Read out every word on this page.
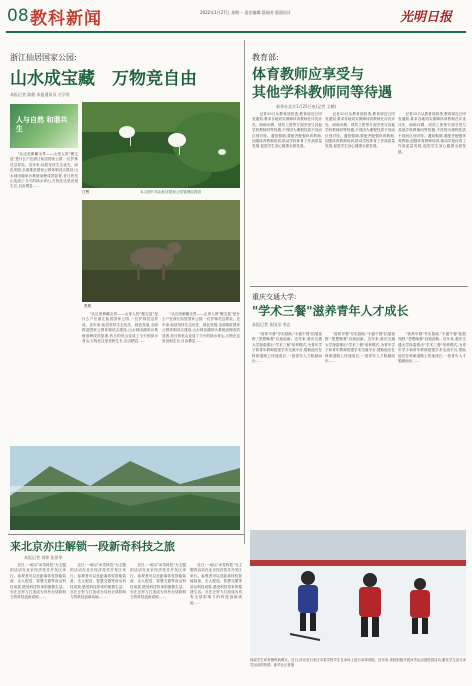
08 教科新闻	2022年1月27日 星期一 责任编辑:薛丽芳 版面设计	光明日报
浙江仙居国家公园:
山水成宝藏　万物竞自由
本报记者 陆健 本报通讯员 应学贵
人与自然 和谐共生
白鹭
黑麂
本文图片均由仙居国家公园管理局提供
　　"从这里俯瞰全景——山里人的"聚宝盆"是什么?"在浙江仙居国家公园,一位护林员这样说。近年来,仙居坚持生态优先、绿色发展,全面推进国家公园体制试点建设,山水林田湖草沙系统治理成效显著,昔日的荒山变成了今天的绿水青山,万物在这里竞相生长,自由栖息……
　　"从这里俯瞰全景——山里人的"聚宝盆"是什么?"在浙江仙居国家公园,一位护林员这样说。近年来,仙居坚持生态优先、绿色发展,全面推进国家公园体制试点建设,山水林田湖草沙系统治理成效显著,昔日的荒山变成了今天的绿水青山,万物在这里竞相生长,自由栖息……
　　"从这里俯瞰全景——山里人的"聚宝盆"是什么?"在浙江仙居国家公园,一位护林员这样说。近年来,仙居坚持生态优先、绿色发展,全面推进国家公园体制试点建设,山水林田湖草沙系统治理成效显著,昔日的荒山变成了今天的绿水青山,万物在这里竞相生长,自由栖息……
教育部:
体育教师应享受与
其他学科教师同等待遇
新华社北京1月25日电(记者 王鹏)
　　记者25日从教育部获悉,教育部近日印发通知,要求各地切实保障体育教师在评优评先、职称评聘、绩效工资等方面享受与其他学科教师同等待遇,不得因为课程性质不同而区别对待。通知强调,要配齐配强体育教师,加强体育教师培训,推动学校体育工作高质量发展,促进学生身心健康全面发展。
　　记者25日从教育部获悉,教育部近日印发通知,要求各地切实保障体育教师在评优评先、职称评聘、绩效工资等方面享受与其他学科教师同等待遇,不得因为课程性质不同而区别对待。通知强调,要配齐配强体育教师,加强体育教师培训,推动学校体育工作高质量发展,促进学生身心健康全面发展。
　　记者25日从教育部获悉,教育部近日印发通知,要求各地切实保障体育教师在评优评先、职称评聘、绩效工资等方面享受与其他学科教师同等待遇,不得因为课程性质不同而区别对待。通知强调,要配齐配强体育教师,加强体育教师培训,推动学校体育工作高质量发展,促进学生身心健康全面发展。
重庆交通大学:
"学术三餐"滋养青年人才成长
本报记者 张国圣 李志
　　"营养早餐"夯实基础,"丰盛午餐"拓展视野,"思想晚餐"启迪创新。近年来,重庆交通大学探索推出"学术三餐"培养模式,为青年学子和青年教师搭建学术交流平台,帮助他们在科研道路上快速成长,一批青年人才脱颖而出……
　　"营养早餐"夯实基础,"丰盛午餐"拓展视野,"思想晚餐"启迪创新。近年来,重庆交通大学探索推出"学术三餐"培养模式,为青年学子和青年教师搭建学术交流平台,帮助他们在科研道路上快速成长,一批青年人才脱颖而出……
　　"营养早餐"夯实基础,"丰盛午餐"拓展视野,"思想晚餐"启迪创新。近年来,重庆交通大学探索推出"学术三餐"培养模式,为青年学子和青年教师搭建学术交流平台,帮助他们在科研道路上快速成长,一批青年人才脱颖而出……
来北京亦庄解锁一段新奇科技之旅
本报记者 刘坤 张景华
　　近日,一场以"冰雪科技"为主题的活动在北京经济技术开发区举行。参观者可以近距离体验智能装备、无人配送、智慧交通等前沿科技成果,感受科技带来的便捷生活。亦庄正努力打造成为具有全球影响力的科技创新高地……
　　近日,一场以"冰雪科技"为主题的活动在北京经济技术开发区举行。参观者可以近距离体验智能装备、无人配送、智慧交通等前沿科技成果,感受科技带来的便捷生活。亦庄正努力打造成为具有全球影响力的科技创新高地……
　　近日,一场以"冰雪科技"为主题的活动在北京经济技术开发区举行。参观者可以近距离体验智能装备、无人配送、智慧交通等前沿科技成果,感受科技带来的便捷生活。亦庄正努力打造成为具有全球影响力的科技创新高地……
　　近日,一场以"冰雪科技"为主题的活动在北京经济技术开发区举行。参观者可以近距离体验智能装备、无人配送、智慧交通等前沿科技成果,感受科技带来的便捷生活。亦庄正努力打造成为具有全球影响力的科技创新高地……
探索学生体育锻炼新模式。近日,河北省石家庄市某学校学生在冰场上进行冰球训练。近年来,该校积极开展冰雪运动进校园活动,激发学生参与冰雪运动的热情。新华社记者摄
